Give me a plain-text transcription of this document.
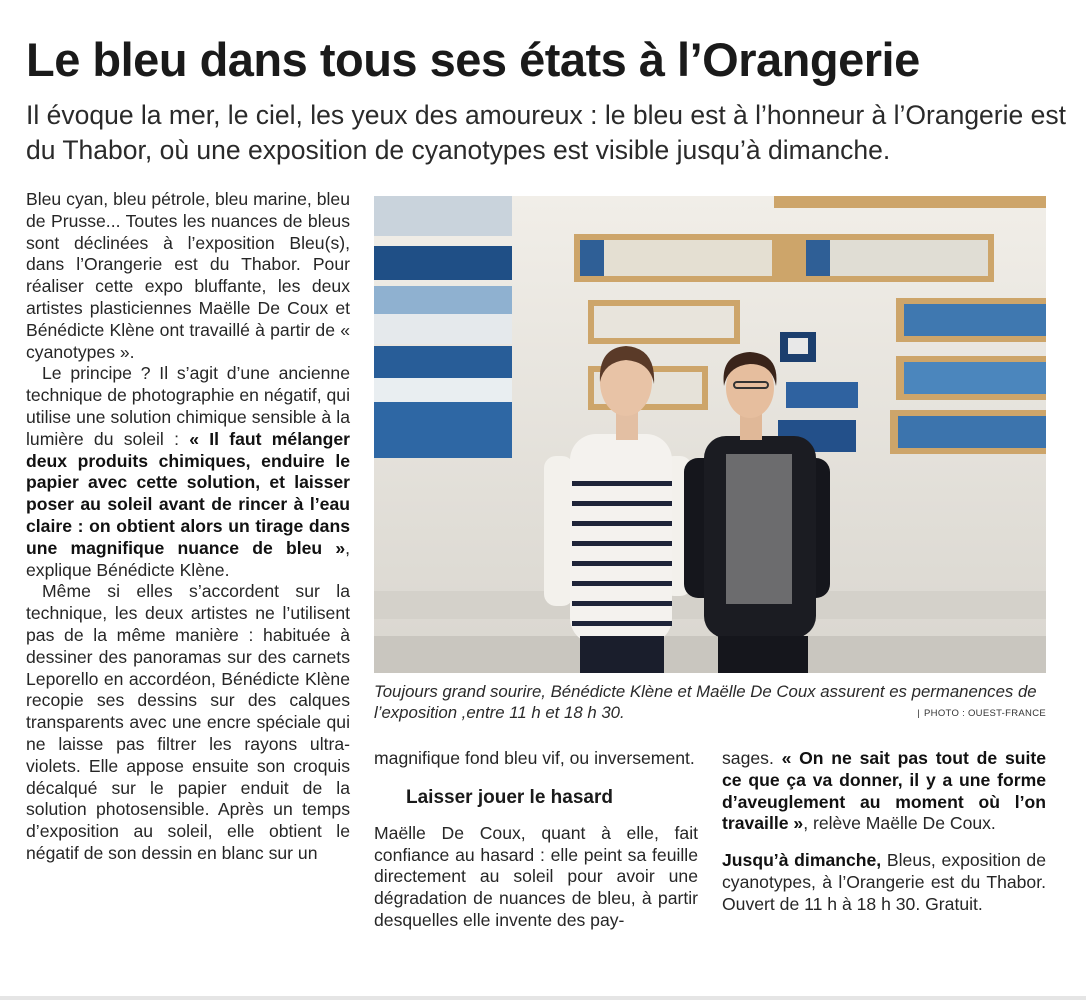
Le bleu dans tous ses états à l’Orangerie

Il évoque la mer, le ciel, les yeux des amoureux : le bleu est à l’honneur à l’Orangerie est du Thabor, où une exposition de cyanotypes est visible jusqu’à dimanche.

Bleu cyan, bleu pétrole, bleu marine, bleu de Prusse... Toutes les nuances de bleus sont déclinées à l’exposition Bleu(s), dans l’Orangerie est du Thabor. Pour réaliser cette expo bluffante, les deux artistes plasticiennes Maëlle De Coux et Bénédicte Klène ont travaillé à partir de « cyanotypes ».

Le principe ? Il s’agit d’une ancienne technique de photographie en négatif, qui utilise une solution chimique sensible à la lumière du soleil : « Il faut mélanger deux produits chimiques, enduire le papier avec cette solution, et laisser poser au soleil avant de rincer à l’eau claire : on obtient alors un tirage dans une magnifique nuance de bleu », explique Bénédicte Klène.

Même si elles s’accordent sur la technique, les deux artistes ne l’utilisent pas de la même manière : habituée à dessiner des panoramas sur des carnets Leporello en accordéon, Bénédicte Klène recopie ses dessins sur des calques transparents avec une encre spéciale qui ne laisse pas filtrer les rayons ultra-violets. Elle appose ensuite son croquis décalqué sur le papier enduit de la solution photosensible. Après un temps d’exposition au soleil, elle obtient le négatif de son dessin en blanc sur un

Toujours grand sourire, Bénédicte Klène et Maëlle De Coux assurent es permanences de l’exposition ,entre 11 h et 18 h 30.	| PHOTO : OUEST-FRANCE

magnifique fond bleu vif, ou inversement.

Laisser jouer le hasard

Maëlle De Coux, quant à elle, fait confiance au hasard : elle peint sa feuille directement au soleil pour avoir une dégradation de nuances de bleu, à partir desquelles elle invente des pay-

sages. « On ne sait pas tout de suite ce que ça va donner, il y a une forme d’aveuglement au moment où l’on travaille », relève Maëlle De Coux.

Jusqu’à dimanche, Bleus, exposition de cyanotypes, à l’Orangerie est du Thabor. Ouvert de 11 h à 18 h 30. Gratuit.
